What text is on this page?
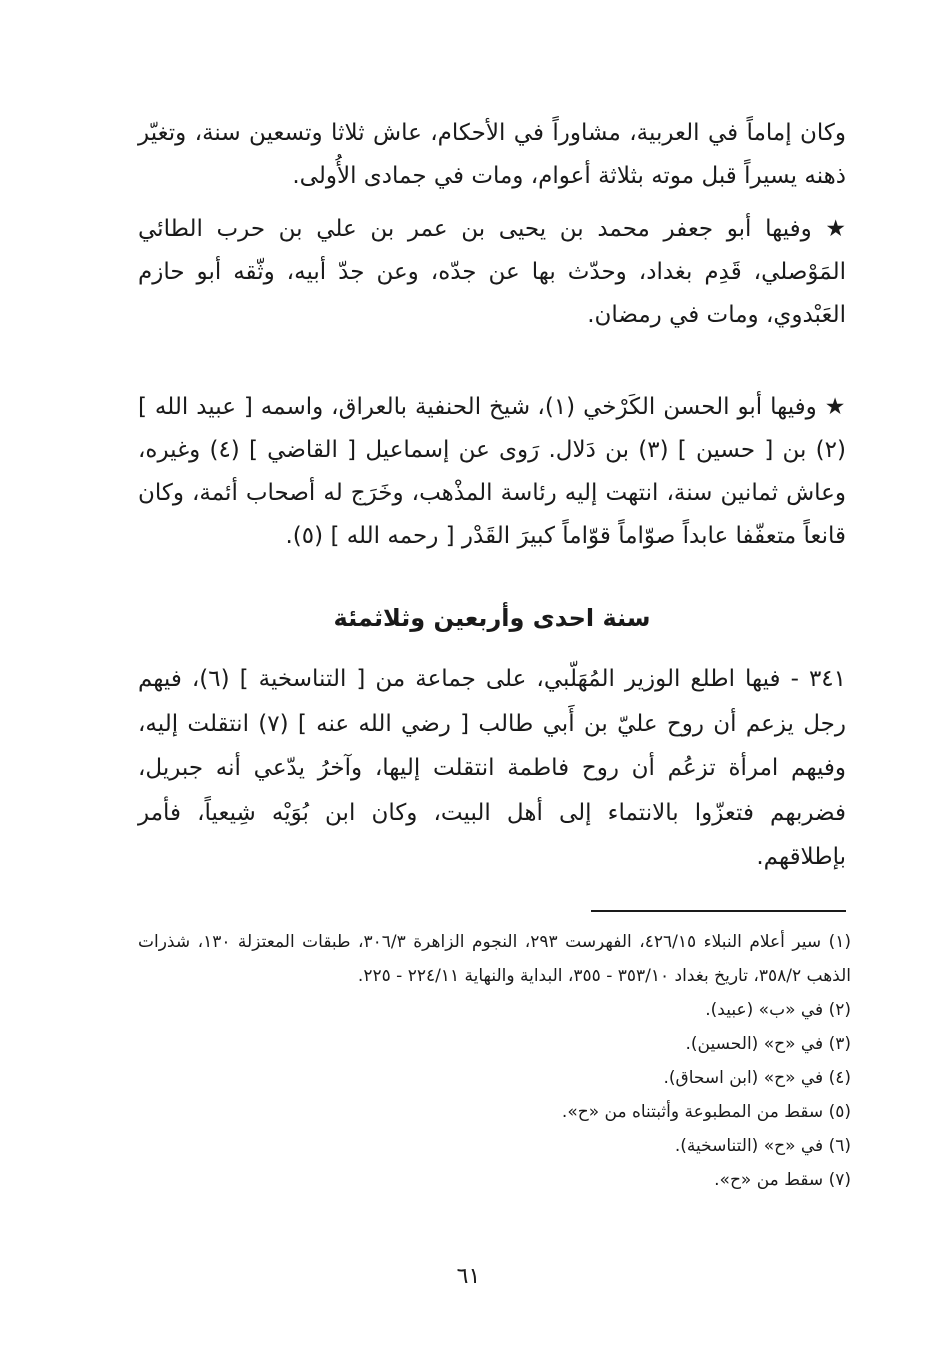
وكان إماماً في العربية، مشاوراً في الأحكام، عاش ثلاثا وتسعين سنة، وتغيّر ذهنه يسيراً قبل موته بثلاثة أعوام، ومات في جمادى الأُولى.
★ وفيها أبو جعفر محمد بن يحيى بن عمر بن علي بن حرب الطائي المَوْصلي، قَدِم بغداد، وحدّث بها عن جدّه، وعن جدّ أبيه، وثّقه أبو حازم العَبْدوي، ومات في رمضان.
★ وفيها أبو الحسن الكَرْخي (١)، شيخ الحنفية بالعراق، واسمه [ عبيد الله ] (٢) بن [ حسين ] (٣) بن دَلال. رَوى عن إسماعيل [ القاضي ] (٤) وغيره، وعاش ثمانين سنة، انتهت إليه رئاسة المذْهب، وخَرَج له أصحاب أئمة، وكان قانعاً متعفّفا عابداً صوّاماً قوّاماً كبيرَ القَدْر [ رحمه الله ] (٥).
سنة احدى وأربعين وثلاثمئة
٣٤١ - فيها اطلع الوزير المُهَلّبي، على جماعة من [ التناسخية ] (٦)، فيهم رجل يزعم أن روح عليّ بن أَبي طالب [ رضي الله عنه ] (٧) انتقلت إليه، وفيهم امرأة تزعُم أن روح فاطمة انتقلت إليها، وآخرُ يدّعي أنه جبريل، فضربهم فتعزّوا بالانتماء إلى أهل البيت، وكان ابن بُوَيْه شِيعياً، فأمر بإطلاقهم.
(١) سير أعلام النبلاء ٤٢٦/١٥، الفهرست ٢٩٣، النجوم الزاهرة ٣٠٦/٣، طبقات المعتزلة ١٣٠، شذرات الذهب ٣٥٨/٢، تاريخ بغداد ٣٥٣/١٠ - ٣٥٥، البداية والنهاية ٢٢٤/١١ - ٢٢٥.
(٢) في «ب» (عبيد).
(٣) في «ح» (الحسين).
(٤) في «ح» (ابن اسحاق).
(٥) سقط من المطبوعة وأثبتناه من «ح».
(٦) في «ح» (التناسخية).
(٧) سقط من «ح».
٦١
